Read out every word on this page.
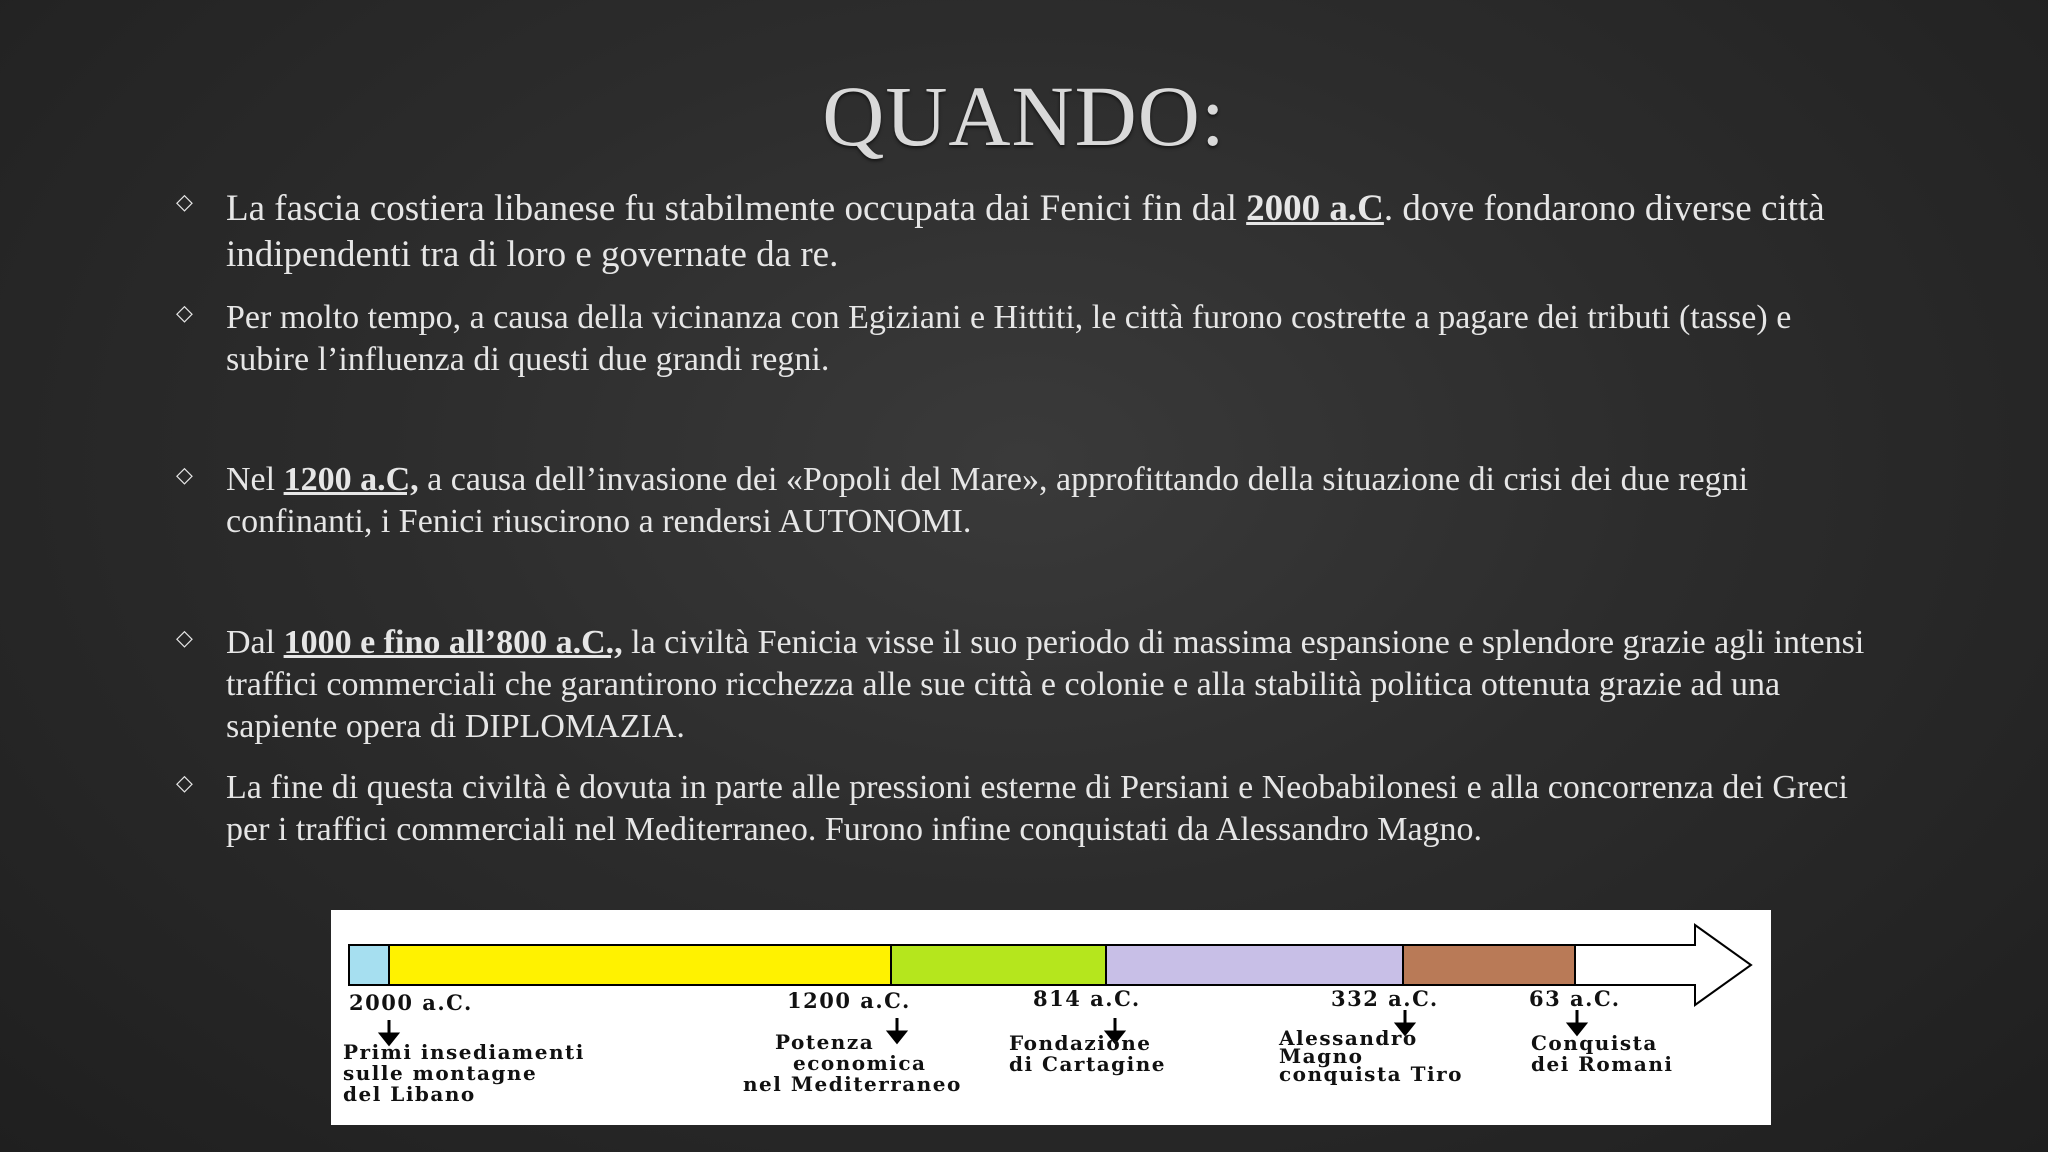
QUANDO:
◇ La fascia costiera libanese fu stabilmente occupata dai Fenici fin dal 2000 a.C. dove fondarono diverse città indipendenti tra di loro e governate da re.
◇ Per molto tempo, a causa della vicinanza con Egiziani e Hittiti, le città furono costrette a pagare dei tributi (tasse) e subire l’influenza di questi due grandi regni.
◇ Nel 1200 a.C, a causa dell’invasione dei «Popoli del Mare», approfittando della situazione di crisi dei due regni confinanti, i Fenici riuscirono a rendersi AUTONOMI.
◇ Dal 1000 e fino all’800 a.C., la civiltà Fenicia visse il suo periodo di massima espansione e splendore grazie agli intensi traffici commerciali che garantirono ricchezza alle sue città e colonie e alla stabilità politica ottenuta grazie ad una sapiente opera di DIPLOMAZIA.
◇ La fine di questa civiltà è dovuta in parte alle pressioni esterne di Persiani e Neobabilonesi e alla concorrenza dei Greci per i traffici commerciali nel Mediterraneo. Furono infine conquistati da Alessandro Magno.
2000 a.C.	1200 a.C.	814 a.C.	332 a.C.	63 a.C.
Primi insediamenti
sulle montagne
del Libano
Potenza
economica
nel Mediterraneo
Fondazione
di Cartagine
Alessandro
Magno
conquista Tiro
Conquista
dei Romani
